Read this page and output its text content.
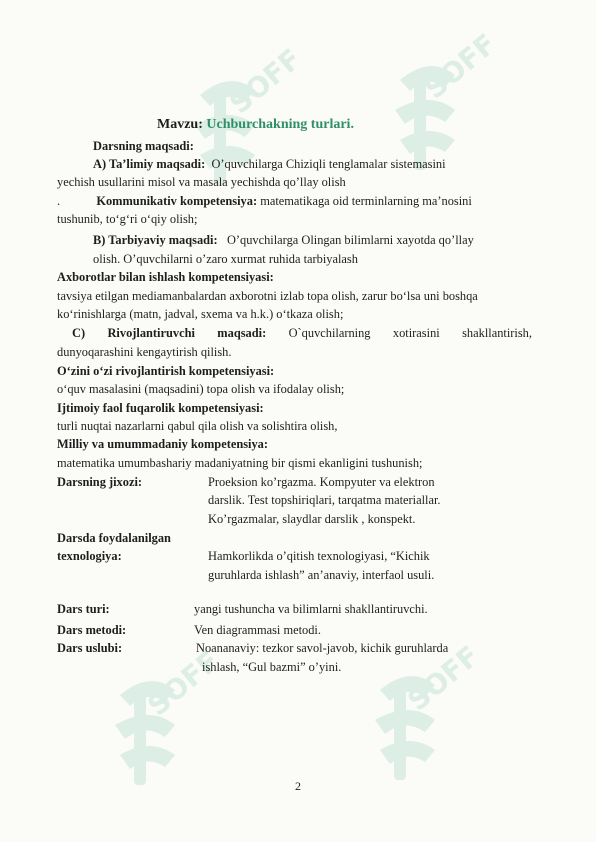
SOFF	SOFF
SOFF	SOFF
Mavzu: Uchburchakning turlari.
Darsning maqsadi:
A) Ta’limiy maqsadi: O’quvchilarga Chiziqli tenglamalar sistemasini
yechish usullarini misol va masala yechishda qo’llay olish
.	Kommunikativ kompetensiya: matematikaga oid terminlarning ma’nosini
tushunib, to‘g‘ri o‘qiy olish;
B) Tarbiyaviy maqsadi: O’quvchilarga Olingan bilimlarni xayotda qo’llay
olish. O’quvchilarni o’zaro xurmat ruhida tarbiyalash
Axborotlar bilan ishlash kompetensiyasi:
tavsiya etilgan mediamanbalardan axborotni izlab topa olish, zarur bo‘lsa uni boshqa
ko‘rinishlarga (matn, jadval, sxema va h.k.) o‘tkaza olish;
C) Rivojlantiruvchi maqsadi: O`quvchilarning xotirasini shakllantirish,
dunyoqarashini kengaytirish qilish.
O‘zini o‘zi rivojlantirish kompetensiyasi:
o‘quv masalasini (maqsadini) topa olish va ifodalay olish;
Ijtimoiy faol fuqarolik kompetensiyasi:
turli nuqtai nazarlarni qabul qila olish va solishtira olish,
Milliy va umummadaniy kompetensiya:
matematika umumbashariy madaniyatning bir qismi ekanligini tushunish;
Darsning jixozi:	Proeksion ko’rgazma. Kompyuter va elektron
darslik. Test topshiriqlari, tarqatma materiallar.
Ko’rgazmalar, slaydlar darslik , konspekt.
Darsda foydalanilgan
texnologiya:	Hamkorlikda o’qitish texnologiyasi, “Kichik
guruhlarda ishlash” an’anaviy, interfaol usuli.
Dars turi:	yangi tushuncha va bilimlarni shakllantiruvchi.
Dars metodi:	Ven diagrammasi metodi.
Dars uslubi:	Noananaviy: tezkor savol-javob, kichik guruhlarda
ishlash, “Gul bazmi” o’yini.
2
